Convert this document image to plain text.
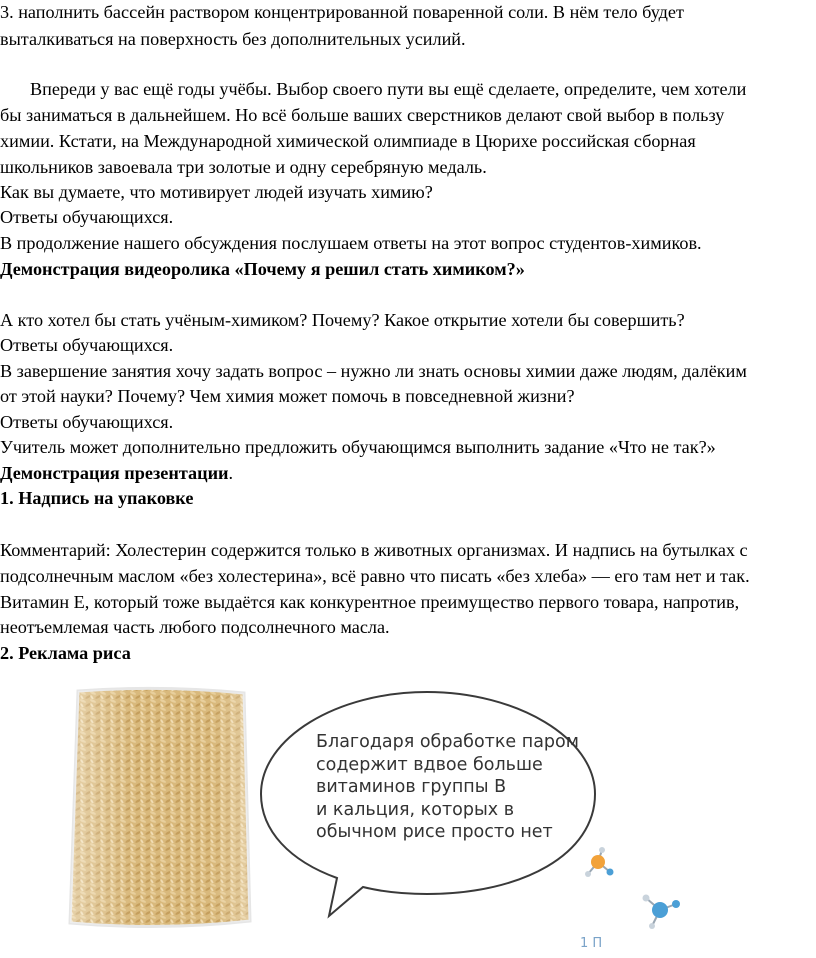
3. наполнить бассейн раствором концентрированной поваренной соли. В нём тело будет
выталкиваться на поверхность без дополнительных усилий.
Впереди у вас ещё годы учёбы. Выбор своего пути вы ещё сделаете, определите, чем хотели
бы заниматься в дальнейшем. Но всё больше ваших сверстников делают свой выбор в пользу
химии. Кстати, на Международной химической олимпиаде в Цюрихе российская сборная
школьников завоевала три золотые и одну серебряную медаль.
Как вы думаете, что мотивирует людей изучать химию?
Ответы обучающихся.
В продолжение нашего обсуждения послушаем ответы на этот вопрос студентов-химиков.
Демонстрация видеоролика «Почему я решил стать химиком?»
А кто хотел бы стать учёным-химиком? Почему? Какое открытие хотели бы совершить?
Ответы обучающихся.
В завершение занятия хочу задать вопрос – нужно ли знать основы химии даже людям, далёким
от этой науки? Почему? Чем химия может помочь в повседневной жизни?
Ответы обучающихся.
Учитель может дополнительно предложить обучающимся выполнить задание «Что не так?»
Демонстрация презентации.
1. Надпись на упаковке
Комментарий: Холестерин содержится только в животных организмах. И надпись на бутылках с
подсолнечным маслом «без холестерина», всё равно что писать «без хлеба» — его там нет и так.
Витамин Е, который тоже выдаётся как конкурентное преимущество первого товара, напротив,
неотъемлемая часть любого подсолнечного масла.
2. Реклама риса
Благодаря обработке паром
содержит вдвое больше
витаминов группы В
и кальция, которых в
обычном рисе просто нет
1 П
